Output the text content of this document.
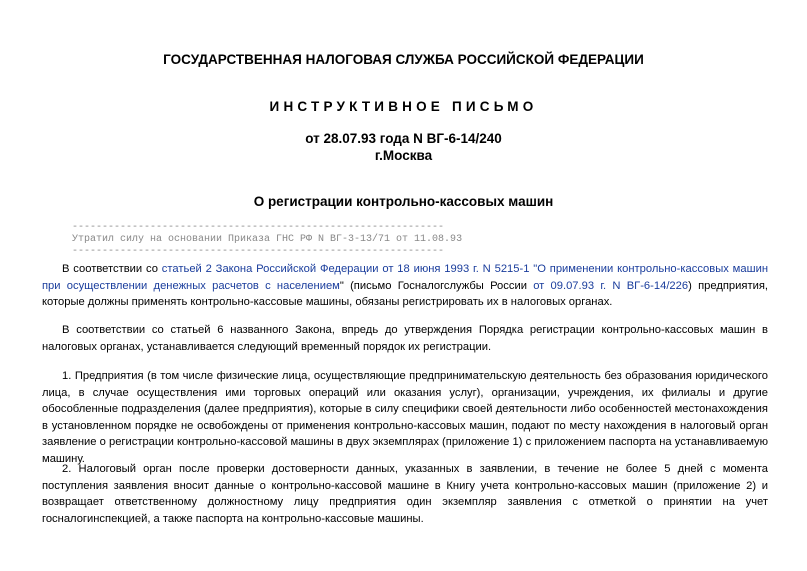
ГОСУДАРСТВЕННАЯ НАЛОГОВАЯ СЛУЖБА РОССИЙСКОЙ ФЕДЕРАЦИИ
ИНСТРУКТИВНОЕ ПИСЬМО
от 28.07.93 года N ВГ-6-14/240
г.Москва
О регистрации контрольно-кассовых машин
--------------------------------------------------------------
Утратил силу на основании Приказа ГНС РФ N ВГ-3-13/71 от 11.08.93
--------------------------------------------------------------
В соответствии со статьей 2 Закона Российской Федерации от 18 июня 1993 г. N 5215-1 "О применении контрольно-кассовых машин при осуществлении денежных расчетов с населением" (письмо Госналогслужбы России от 09.07.93 г. N ВГ-6-14/226) предприятия, которые должны применять контрольно-кассовые машины, обязаны регистрировать их в налоговых органах.
В соответствии со статьей 6 названного Закона, впредь до утверждения Порядка регистрации контрольно-кассовых машин в налоговых органах, устанавливается следующий временный порядок их регистрации.
1. Предприятия (в том числе физические лица, осуществляющие предпринимательскую деятельность без образования юридического лица, в случае осуществления ими торговых операций или оказания услуг), организации, учреждения, их филиалы и другие обособленные подразделения (далее предприятия), которые в силу специфики своей деятельности либо особенностей местонахождения в установленном порядке не освобождены от применения контрольно-кассовых машин, подают по месту нахождения в налоговый орган заявление о регистрации контрольно-кассовой машины в двух экземплярах (приложение 1) с приложением паспорта на устанавливаемую машину.
2. Налоговый орган после проверки достоверности данных, указанных в заявлении, в течение не более 5 дней с момента поступления заявления вносит данные о контрольно-кассовой машине в Книгу учета контрольно-кассовых машин (приложение 2) и возвращает ответственному должностному лицу предприятия один экземпляр заявления с отметкой о принятии на учет госналогинспекцией, а также паспорта на контрольно-кассовые машины.
